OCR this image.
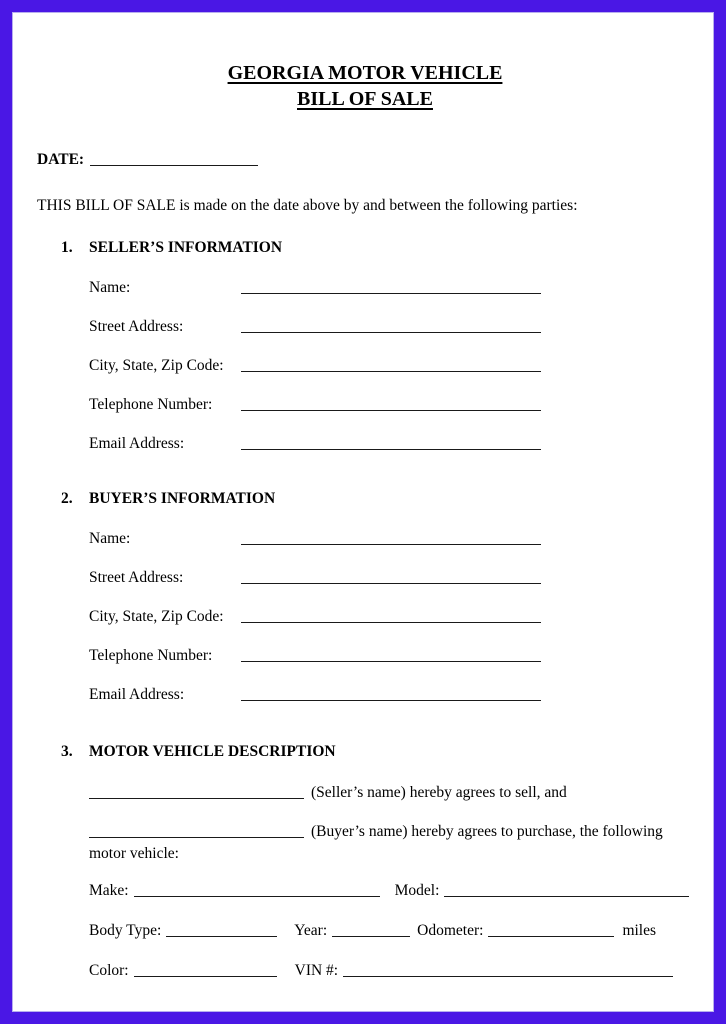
GEORGIA MOTOR VEHICLE
BILL OF SALE
DATE:

THIS BILL OF SALE is made on the date above by and between the following parties:

1. SELLER’S INFORMATION
Name:
Street Address:
City, State, Zip Code:
Telephone Number:
Email Address:
2. BUYER’S INFORMATION
Name:
Street Address:
City, State, Zip Code:
Telephone Number:
Email Address:
3. MOTOR VEHICLE DESCRIPTION

(Seller’s name) hereby agrees to sell, and

(Buyer’s name) hereby agrees to purchase, the following
motor vehicle:

Make:	Model:
Body Type:	Year:	Odometer:	miles
Color:	VIN #:
